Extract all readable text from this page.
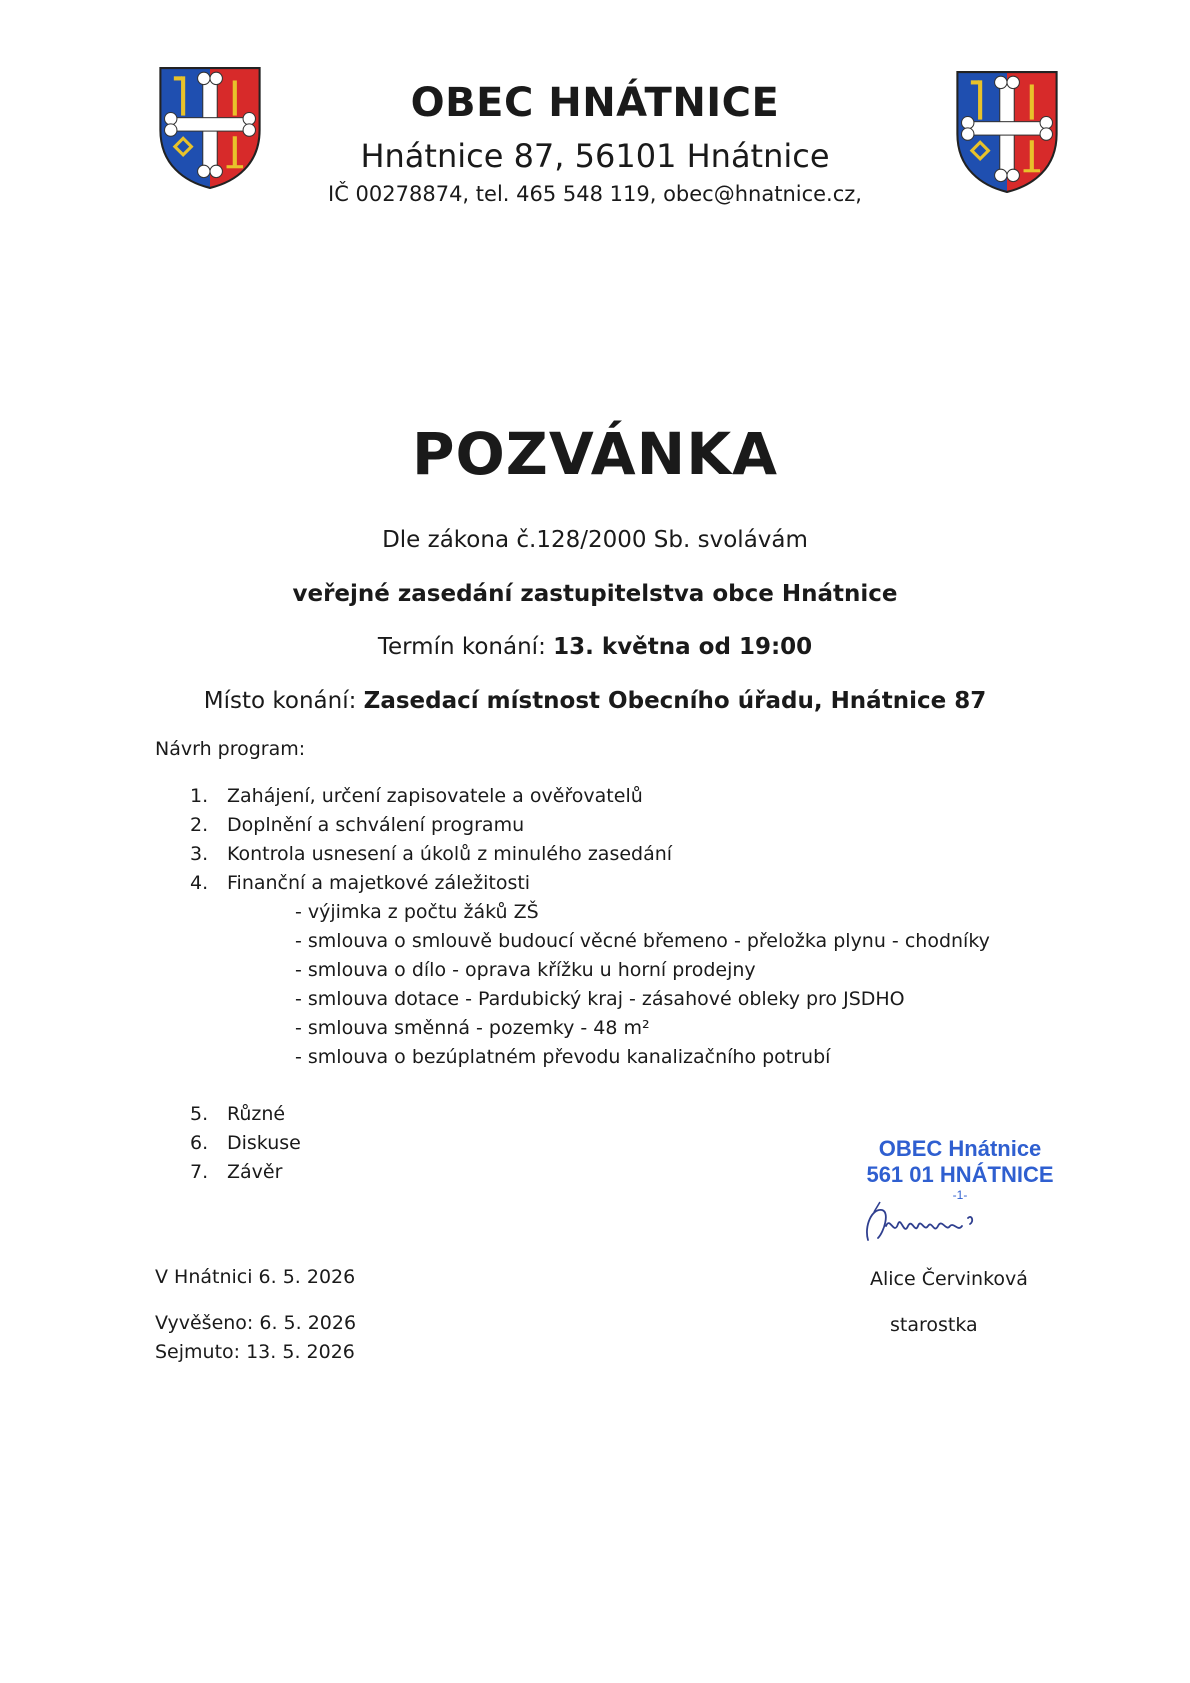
OBEC HNÁTNICE
Hnátnice 87, 56101 Hnátnice
IČ 00278874, tel. 465 548 119, obec@hnatnice.cz,
POZVÁNKA
Dle zákona č.128/2000 Sb. svolávám
veřejné zasedání zastupitelstva obce Hnátnice
Termín konání: 13. května od 19:00
Místo konání: Zasedací místnost Obecního úřadu, Hnátnice 87
Návrh program:
1. Zahájení, určení zapisovatele a ověřovatelů
2. Doplnění a schválení programu
3. Kontrola usnesení a úkolů z minulého zasedání
4. Finanční a majetkové záležitosti
- výjimka z počtu žáků ZŠ
- smlouva o smlouvě budoucí věcné břemeno - přeložka plynu - chodníky
- smlouva o dílo - oprava křížku u horní prodejny
- smlouva dotace - Pardubický kraj - zásahové obleky pro JSDHO
- smlouva směnná - pozemky - 48 m²
- smlouva o bezúplatném převodu kanalizačního potrubí
5. Různé
6. Diskuse
7. Závěr
V Hnátnici 6. 5. 2026
Vyvěšeno: 6. 5. 2026
Sejmuto: 13. 5. 2026
OBEC Hnátnice
561 01 HNÁTNICE
-1-
Alice Červinková
starostka
